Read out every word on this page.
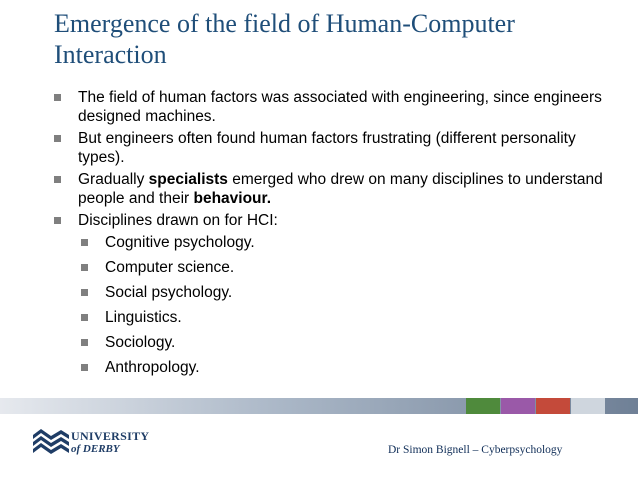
Emergence of the field of Human-Computer Interaction
The field of human factors was associated with engineering, since engineers designed machines.
But engineers often found human factors frustrating (different personality types).
Gradually specialists emerged who drew on many disciplines to understand people and their behaviour.
Disciplines drawn on for HCI:
Cognitive psychology.
Computer science.
Social psychology.
Linguistics.
Sociology.
Anthropology.
UNIVERSITY
of DERBY	Dr Simon Bignell – Cyberpsychology
